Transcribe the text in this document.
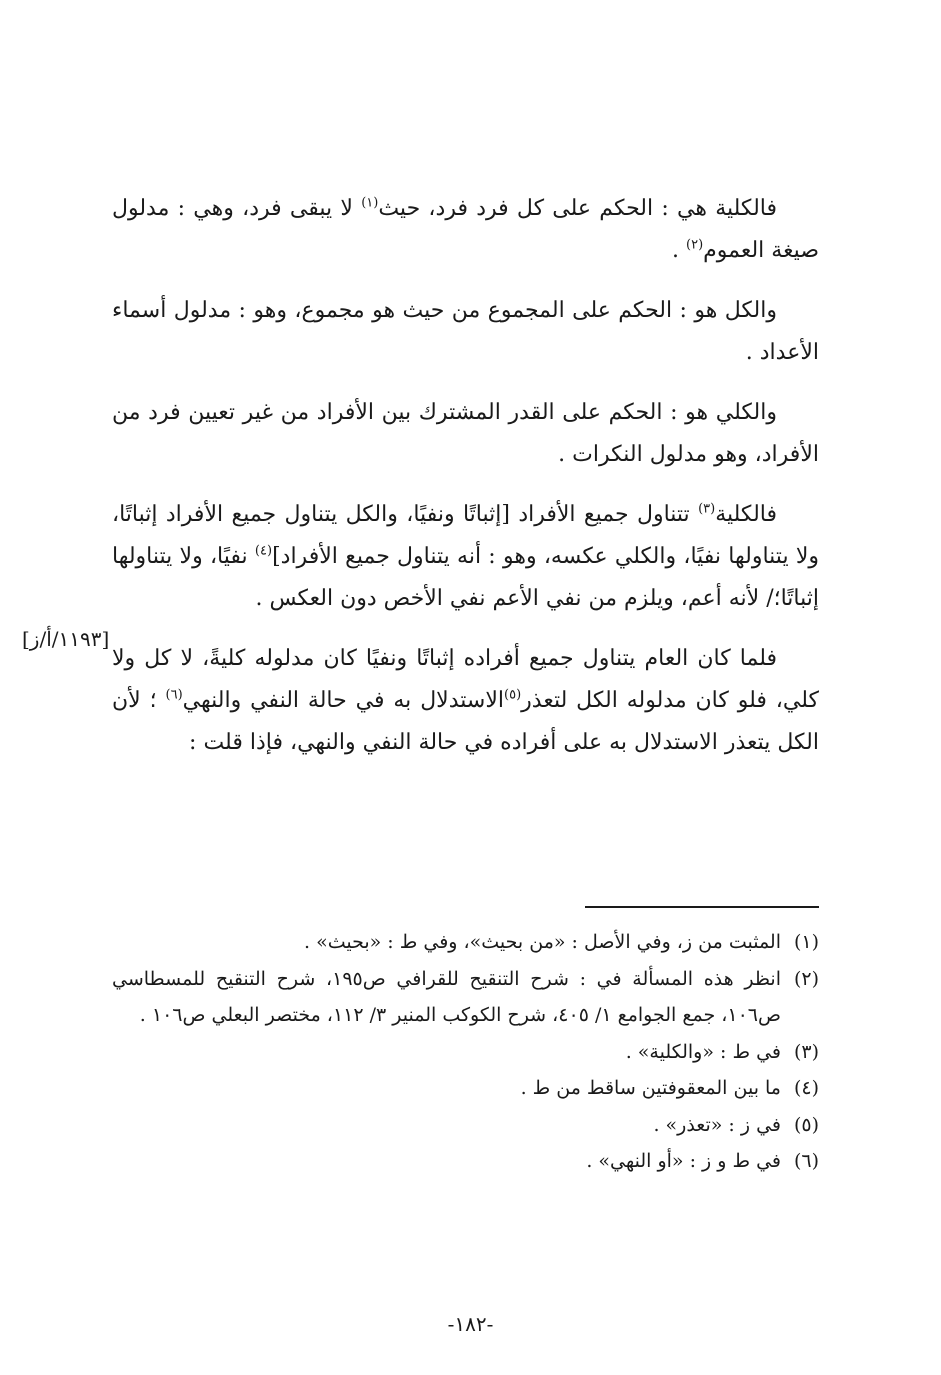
فالكلية هي : الحكم على كل فرد فرد، حيث$^{(١)}$ لا يبقى فرد، وهي : مدلول صيغة العموم$^{(٢)}$ .

والكل هو : الحكم على المجموع من حيث هو مجموع، وهو : مدلول أسماء الأعداد .

والكلي هو : الحكم على القدر المشترك بين الأفراد من غير تعيين فرد من الأفراد، وهو مدلول النكرات .

فالكلية$^{(٣)}$ تتناول جميع الأفراد [إثباتًا ونفيًا، والكل يتناول جميع الأفراد إثباتًا، ولا يتناولها نفيًا، والكلي عكسه، وهو : أنه يتناول جميع الأفراد]$^{(٤)}$ نفيًا، ولا يتناولها إثباتًا؛/ لأنه أعم، ويلزم من نفي الأعم نفي الأخص دون العكس .

فلما كان العام يتناول جميع أفراده إثباتًا ونفيًا كان مدلوله كليةً، لا كل ولا كلي، فلو كان مدلوله الكل لتعذر$^{(٥)}$الاستدلال به في حالة النفي والنهي$^{(٦)}$ ؛ لأن الكل يتعذر الاستدلال به على أفراده في حالة النفي والنهي، فإذا قلت :

[١١٩٣/أ/ز]
(١)
المثبت من ز، وفي الأصل : «من بحيث»، وفي ط : «بحيث» .
(٢)
انظر هذه المسألة في : شرح التنقيح للقرافي ص١٩٥، شرح التنقيح للمسطاسي ص١٠٦، جمع الجوامع ١/ ٤٠٥، شرح الكوكب المنير ٣/ ١١٢، مختصر البعلي ص١٠٦ .
(٣)
في ط : «والكلية» .
(٤)
ما بين المعقوفتين ساقط من ط .
(٥)
في ز : «تعذر» .
(٦)
في ط و ز : «أو النهي» .
-١٨٢-
